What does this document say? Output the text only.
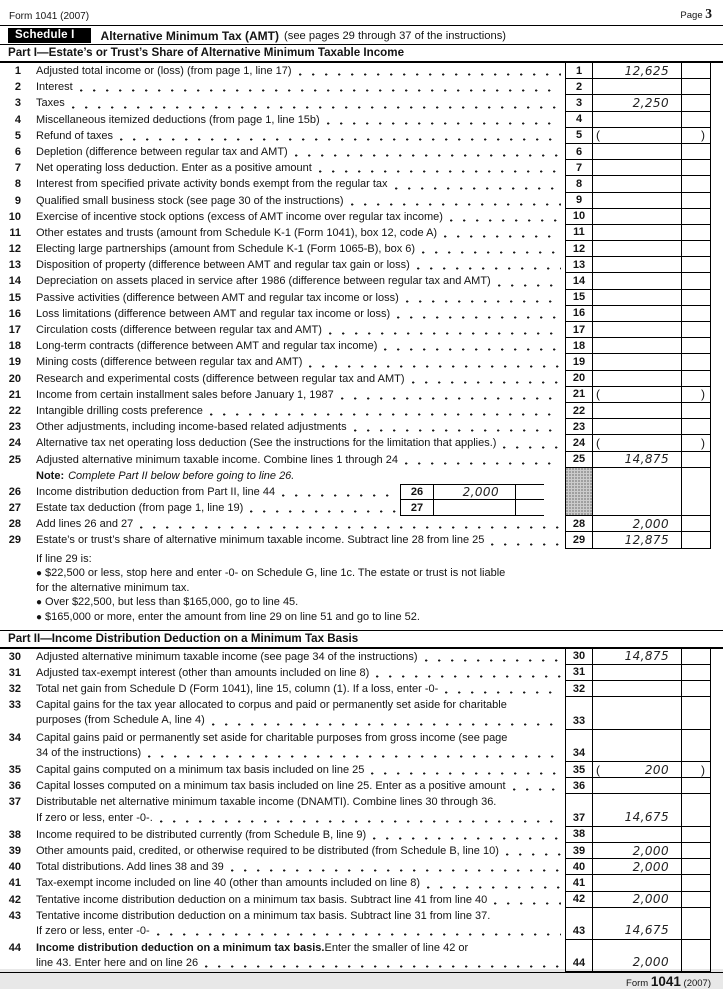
Form 1041 (2007)	Page 3
Schedule I	Alternative Minimum Tax (AMT) (see pages 29 through 37 of the instructions)
Part I—Estate’s or Trust’s Share of Alternative Minimum Taxable Income
1 Adjusted total income or (loss) (from page 1, line 17)	1	12,625
2 Interest	2
3 Taxes	3	2,250
4 Miscellaneous itemized deductions (from page 1, line 15b)	4
5 Refund of taxes	5	(	)
6 Depletion (difference between regular tax and AMT)	6
7 Net operating loss deduction. Enter as a positive amount	7
8 Interest from specified private activity bonds exempt from the regular tax	8
9 Qualified small business stock (see page 30 of the instructions)	9
10 Exercise of incentive stock options (excess of AMT income over regular tax income)	10
11 Other estates and trusts (amount from Schedule K-1 (Form 1041), box 12, code A)	11
12 Electing large partnerships (amount from Schedule K-1 (Form 1065-B), box 6)	12
13 Disposition of property (difference between AMT and regular tax gain or loss)	13
14 Depreciation on assets placed in service after 1986 (difference between regular tax and AMT)	14
15 Passive activities (difference between AMT and regular tax income or loss)	15
16 Loss limitations (difference between AMT and regular tax income or loss)	16
17 Circulation costs (difference between regular tax and AMT)	17
18 Long-term contracts (difference between AMT and regular tax income)	18
19 Mining costs (difference between regular tax and AMT)	19
20 Research and experimental costs (difference between regular tax and AMT)	20
21 Income from certain installment sales before January 1, 1987	21 (	)
22 Intangible drilling costs preference	22
23 Other adjustments, including income-based related adjustments	23
24 Alternative tax net operating loss deduction (See the instructions for the limitation that applies.)	24 (	)
25 Adjusted alternative minimum taxable income. Combine lines 1 through 24	25	14,875
Note: Complete Part II below before going to line 26.
26 Income distribution deduction from Part II, line 44	26	2,000
27 Estate tax deduction (from page 1, line 19)	27
28 Add lines 26 and 27	28	2,000
29 Estate’s or trust’s share of alternative minimum taxable income. Subtract line 28 from line 25	29	12,875

If line 29 is:

● $22,500 or less, stop here and enter -0- on Schedule G, line 1c. The estate or trust is not liable for the alternative minimum tax.

● Over $22,500, but less than $165,000, go to line 45.

● $165,000 or more, enter the amount from line 29 on line 51 and go to line 52.

Part II—Income Distribution Deduction on a Minimum Tax Basis
30 Adjusted alternative minimum taxable income (see page 34 of the instructions)	30	14,875
31 Adjusted tax-exempt interest (other than amounts included on line 8)	31
32 Total net gain from Schedule D (Form 1041), line 15, column (1). If a loss, enter -0-	32
33 Capital gains for the tax year allocated to corpus and paid or permanently set aside for charitable
purposes (from Schedule A, line 4)	33
34 Capital gains paid or permanently set aside for charitable purposes from gross income (see page
34 of the instructions)	34
35 Capital gains computed on a minimum tax basis included on line 25	35 (	200	)
36 Capital losses computed on a minimum tax basis included on line 25. Enter as a positive amount	36
37 Distributable net alternative minimum taxable income (DNAMTI). Combine lines 30 through 36.
If zero or less, enter -0-.	37	14,675
38 Income required to be distributed currently (from Schedule B, line 9)	38
39 Other amounts paid, credited, or otherwise required to be distributed (from Schedule B, line 10)	39	2,000
40 Total distributions. Add lines 38 and 39	40	2,000
41 Tax-exempt income included on line 40 (other than amounts included on line 8)	41
42 Tentative income distribution deduction on a minimum tax basis. Subtract line 41 from line 40	42	2,000
43 Tentative income distribution deduction on a minimum tax basis. Subtract line 31 from line 37.
If zero or less, enter -0-	43	14,675
44 Income distribution deduction on a minimum tax basis. Enter the smaller of line 42 or
line 43. Enter here and on line 26	44	2,000
Form 1041 (2007)
